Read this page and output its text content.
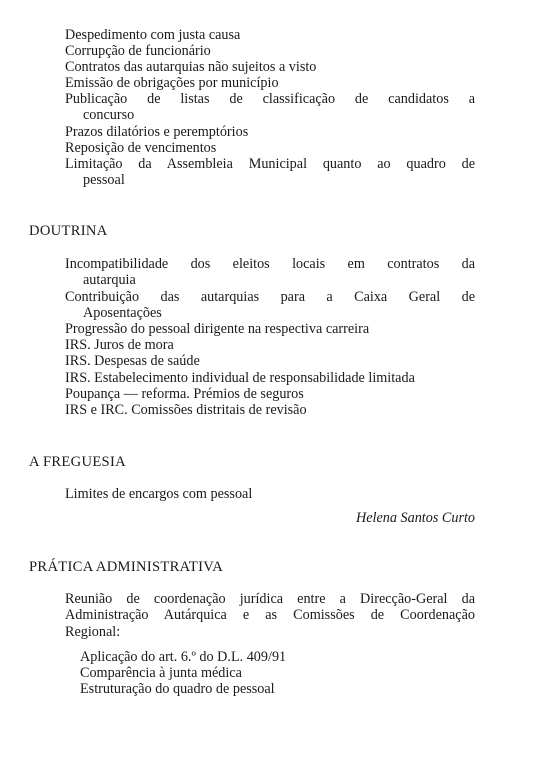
Despedimento com justa causa
Corrupção de funcionário
Contratos das autarquias não sujeitos a visto
Emissão de obrigações por município
Publicação de listas de classificação de candidatos a
concurso
Prazos dilatórios e peremptórios
Reposição de vencimentos
Limitação da Assembleia Municipal quanto ao quadro de
pessoal
DOUTRINA
Incompatibilidade dos eleitos locais em contratos da
autarquia
Contribuição das autarquias para a Caixa Geral de
Aposentações
Progressão do pessoal dirigente na respectiva carreira
IRS. Juros de mora
IRS. Despesas de saúde
IRS. Estabelecimento individual de responsabilidade limitada
Poupança — reforma. Prémios de seguros
IRS e IRC. Comissões distritais de revisão
A FREGUESIA
Limites de encargos com pessoal
Helena Santos Curto
PRÁTICA ADMINISTRATIVA
Reunião de coordenação jurídica entre a Direcção-Geral da
Administração Autárquica e as Comissões de Coordenação
Regional:
Aplicação do art. 6.º do D.L. 409/91
Comparência à junta médica
Estruturação do quadro de pessoal
